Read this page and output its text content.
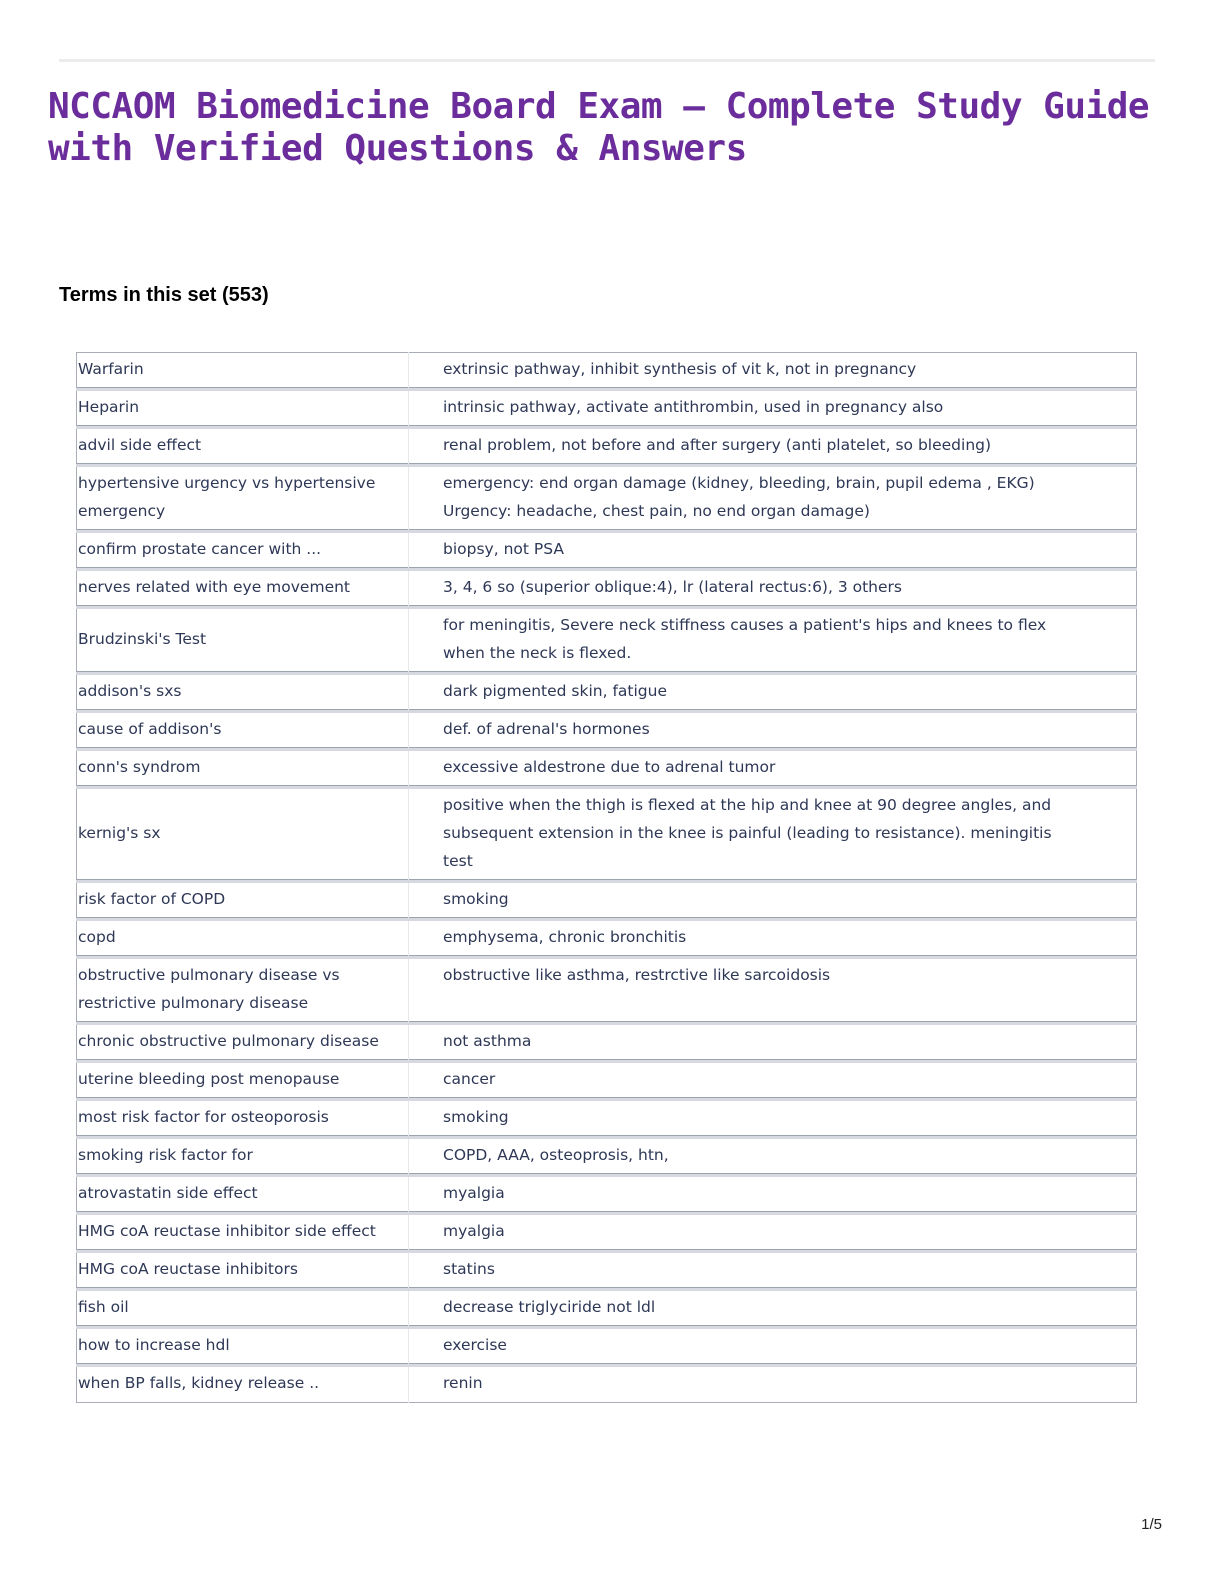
NCCAOM Biomedicine Board Exam – Complete Study Guide with Verified Questions & Answers
Terms in this set (553)
Warfarin	extrinsic pathway, inhibit synthesis of vit k, not in pregnancy
Heparin	intrinsic pathway, activate antithrombin, used in pregnancy also
advil side effect	renal problem, not before and after surgery (anti platelet, so bleeding)
hypertensive urgency vs hypertensive emergency	emergency: end organ damage (kidney, bleeding, brain, pupil edema , EKG)
Urgency: headache, chest pain, no end organ damage)
confirm prostate cancer with ...	biopsy, not PSA
nerves related with eye movement	3, 4, 6 so (superior oblique:4), lr (lateral rectus:6), 3 others
Brudzinski's Test	for meningitis, Severe neck stiffness causes a patient's hips and knees to flex when the neck is flexed.
addison's sxs	dark pigmented skin, fatigue
cause of addison's	def. of adrenal's hormones
conn's syndrom	excessive aldestrone due to adrenal tumor
kernig's sx	positive when the thigh is flexed at the hip and knee at 90 degree angles, and subsequent extension in the knee is painful (leading to resistance). meningitis test
risk factor of COPD	smoking
copd	emphysema, chronic bronchitis
obstructive pulmonary disease vs restrictive pulmonary disease	obstructive like asthma, restrctive like sarcoidosis
chronic obstructive pulmonary disease	not asthma
uterine bleeding post menopause	cancer
most risk factor for osteoporosis	smoking
smoking risk factor for	COPD, AAA, osteoprosis, htn,
atrovastatin side effect	myalgia
HMG coA reuctase inhibitor side effect	myalgia
HMG coA reuctase inhibitors	statins
fish oil	decrease triglyciride not ldl
how to increase hdl	exercise
when BP falls, kidney release ..	renin
1/5
